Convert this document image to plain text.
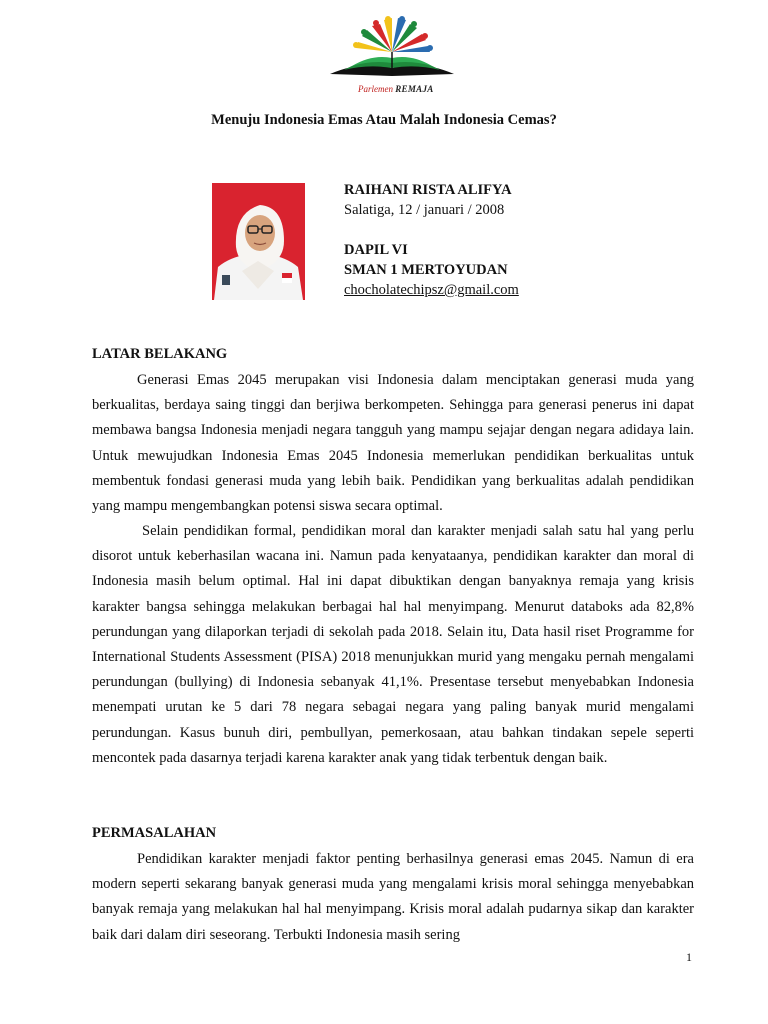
Parlemen REMAJA
Menuju Indonesia Emas Atau Malah Indonesia Cemas?
RAIHANI RISTA ALIFYA
Salatiga, 12 / januari / 2008
DAPIL VI
SMAN 1 MERTOYUDAN
chocholatechipsz@gmail.com
LATAR BELAKANG

Generasi Emas 2045 merupakan visi Indonesia dalam menciptakan generasi muda yang berkualitas, berdaya saing tinggi dan berjiwa berkompeten. Sehingga para generasi penerus ini dapat membawa bangsa Indonesia menjadi negara tangguh yang mampu sejajar dengan negara adidaya lain. Untuk mewujudkan Indonesia Emas 2045 Indonesia memerlukan pendidikan berkualitas untuk membentuk fondasi generasi muda yang lebih baik. Pendidikan yang berkualitas adalah pendidikan yang mampu mengembangkan potensi siswa secara optimal.

Selain pendidikan formal, pendidikan moral dan karakter menjadi salah satu hal yang perlu disorot untuk keberhasilan wacana ini. Namun pada kenyataanya, pendidikan karakter dan moral di Indonesia masih belum optimal. Hal ini dapat dibuktikan dengan banyaknya remaja yang krisis karakter bangsa sehingga melakukan berbagai hal hal menyimpang. Menurut databoks ada 82,8% perundungan yang dilaporkan terjadi di sekolah pada 2018. Selain itu, Data hasil riset Programme for International Students Assessment (PISA) 2018 menunjukkan murid yang mengaku pernah mengalami perundungan (bullying) di Indonesia sebanyak 41,1%. Presentase tersebut menyebabkan Indonesia menempati urutan ke 5 dari 78 negara sebagai negara yang paling banyak murid mengalami perundungan. Kasus bunuh diri, pembullyan, pemerkosaan, atau bahkan tindakan sepele seperti mencontek pada dasarnya terjadi karena karakter anak yang tidak terbentuk dengan baik.

PERMASALAHAN

Pendidikan karakter menjadi faktor penting berhasilnya generasi emas 2045. Namun di era modern seperti sekarang banyak generasi muda yang mengalami krisis moral sehingga menyebabkan banyak remaja yang melakukan hal hal menyimpang. Krisis moral adalah pudarnya sikap dan karakter baik dari dalam diri seseorang. Terbukti Indonesia masih sering

1
